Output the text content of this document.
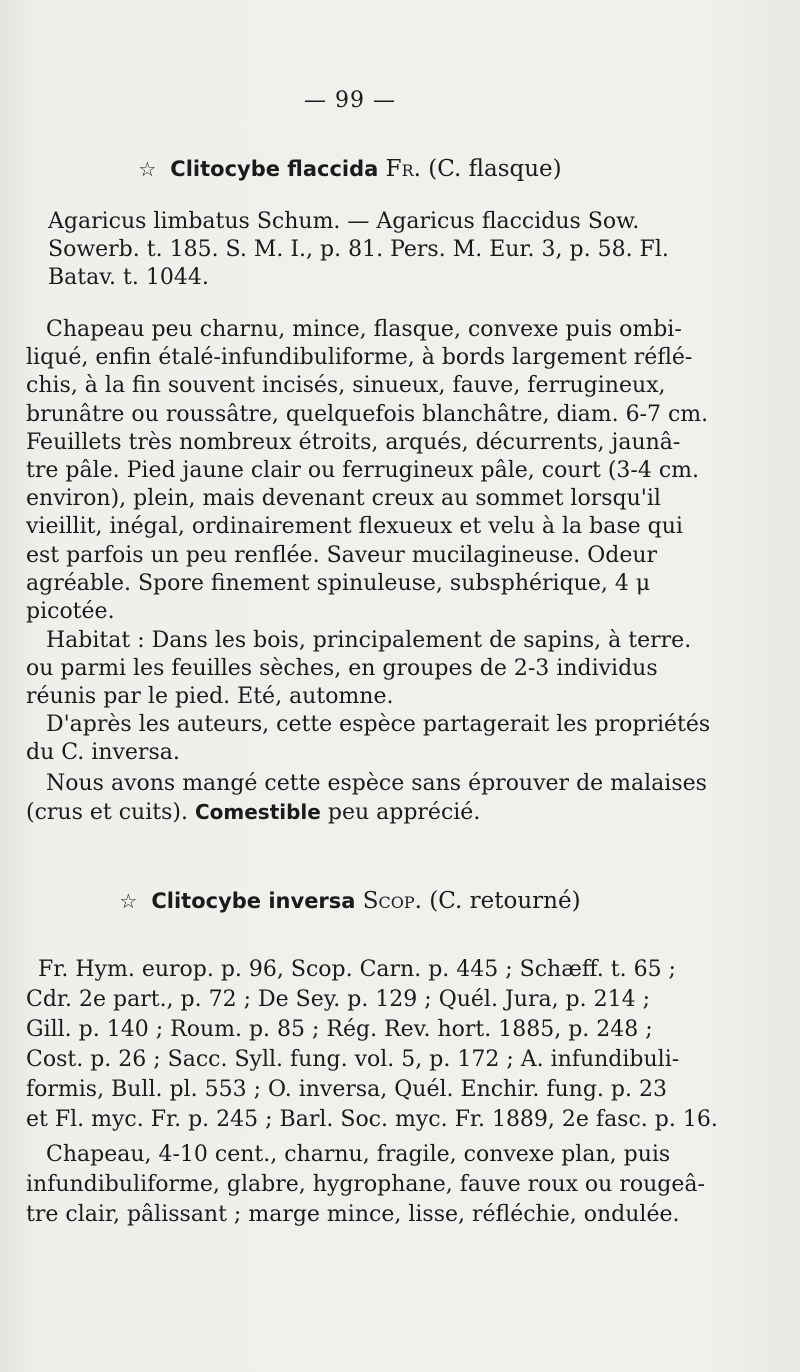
— 99 —
☆ Clitocybe flaccida Fr. (C. flasque)
Agaricus limbatus Schum. — Agaricus flaccidus Sow.
Sowerb. t. 185. S. M. I., p. 81. Pers. M. Eur. 3, p. 58. Fl.
Batav. t. 1044.
Chapeau peu charnu, mince, flasque, convexe puis ombi-
liqué, enfin étalé-infundibuliforme, à bords largement réflé-
chis, à la fin souvent incisés, sinueux, fauve, ferrugineux,
brunâtre ou roussâtre, quelquefois blanchâtre, diam. 6-7 cm.
Feuillets très nombreux étroits, arqués, décurrents, jaunâ-
tre pâle. Pied jaune clair ou ferrugineux pâle, court (3-4 cm.
environ), plein, mais devenant creux au sommet lorsqu'il
vieillit, inégal, ordinairement flexueux et velu à la base qui
est parfois un peu renflée. Saveur mucilagineuse. Odeur
agréable. Spore finement spinuleuse, subsphérique, 4 μ
picotée.
Habitat : Dans les bois, principalement de sapins, à terre.
ou parmi les feuilles sèches, en groupes de 2-3 individus
réunis par le pied. Eté, automne.
D'après les auteurs, cette espèce partagerait les propriétés
du C. inversa.
Nous avons mangé cette espèce sans éprouver de malaises
(crus et cuits). Comestible peu apprécié.
☆ Clitocybe inversa Scop. (C. retourné)
Fr. Hym. europ. p. 96, Scop. Carn. p. 445 ; Schæff. t. 65 ;
Cdr. 2e part., p. 72 ; De Sey. p. 129 ; Quél. Jura, p. 214 ;
Gill. p. 140 ; Roum. p. 85 ; Rég. Rev. hort. 1885, p. 248 ;
Cost. p. 26 ; Sacc. Syll. fung. vol. 5, p. 172 ; A. infundibuli-
formis, Bull. pl. 553 ; O. inversa, Quél. Enchir. fung. p. 23
et Fl. myc. Fr. p. 245 ; Barl. Soc. myc. Fr. 1889, 2e fasc. p. 16.
Chapeau, 4-10 cent., charnu, fragile, convexe plan, puis
infundibuliforme, glabre, hygrophane, fauve roux ou rougeâ-
tre clair, pâlissant ; marge mince, lisse, réfléchie, ondulée.
